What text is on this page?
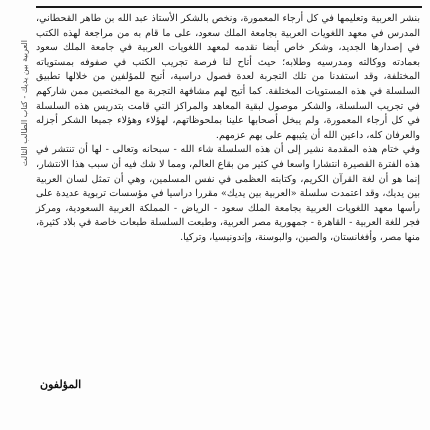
العربية بين يديك - كتاب الطالب الثالث

بنشر العربية وتعليمها في كل أرجاء المعمورة، ونخص بالشكر الأستاذ عبد الله بن طاهر القحطاني، المدرس في معهد اللغويات العربية بجامعة الملك سعود، على ما قام به من مراجعة لهذه الكتب في إصدارها الجديد، وشكر خاص أيضا نقدمه لمعهد اللغويات العربية في جامعة الملك سعود بعمادته ووكالته ومدرسيه وطلابه؛ حيث أتاح لنا فرصة تجريب الكتب في صفوفه بمستوياته المختلفة، وقد استفدنا من تلك التجربة لعدة فصول دراسية، أتيح للمؤلفين من خلالها تطبيق السلسلة في هذه المستويات المختلفة. كما أتيح لهم مشافهة التجربة مع المختصين ممن شاركهم في تجريب السلسلة، والشكر موصول لبقية المعاهد والمراكز التي قامت بتدريس هذه السلسلة في كل أرجاء المعمورة، ولم يبخل أصحابها علينا بملحوظاتهم، لهؤلاء وهؤلاء جميعا الشكر أجزله والعرفان كله، داعين الله أن يثيبهم على بهم عزمهم.

وفي ختام هذه المقدمة نشير إلى أن هذه السلسلة شاء الله - سبحانه وتعالى - لها أن تنتشر في هذه الفترة القصيرة انتشارا واسعا في كثير من بقاع العالم، ومما لا شك فيه أن سبب هذا الانتشار، إنما هو أن لغة القرآن الكريم، وكتابته العظمى في نفس المسلمين، وهي أن تمثل لسان العربية بين يديك، وقد اعتمدت سلسلة «العربية بين يديك» مقررا دراسيا في مؤسسات تربوية عديدة على رأسها معهد اللغويات العربية بجامعة الملك سعود - الرياض - المملكة العربية السعودية، ومركز فجر للغة العربية - القاهرة - جمهورية مصر العربية، وطبعت السلسلة طبعات خاصة في بلاد كثيرة، منها مصر، وأفغانستان، والصين، والبوسنة، وإندونيسيا، وتركيا.

المؤلفون
